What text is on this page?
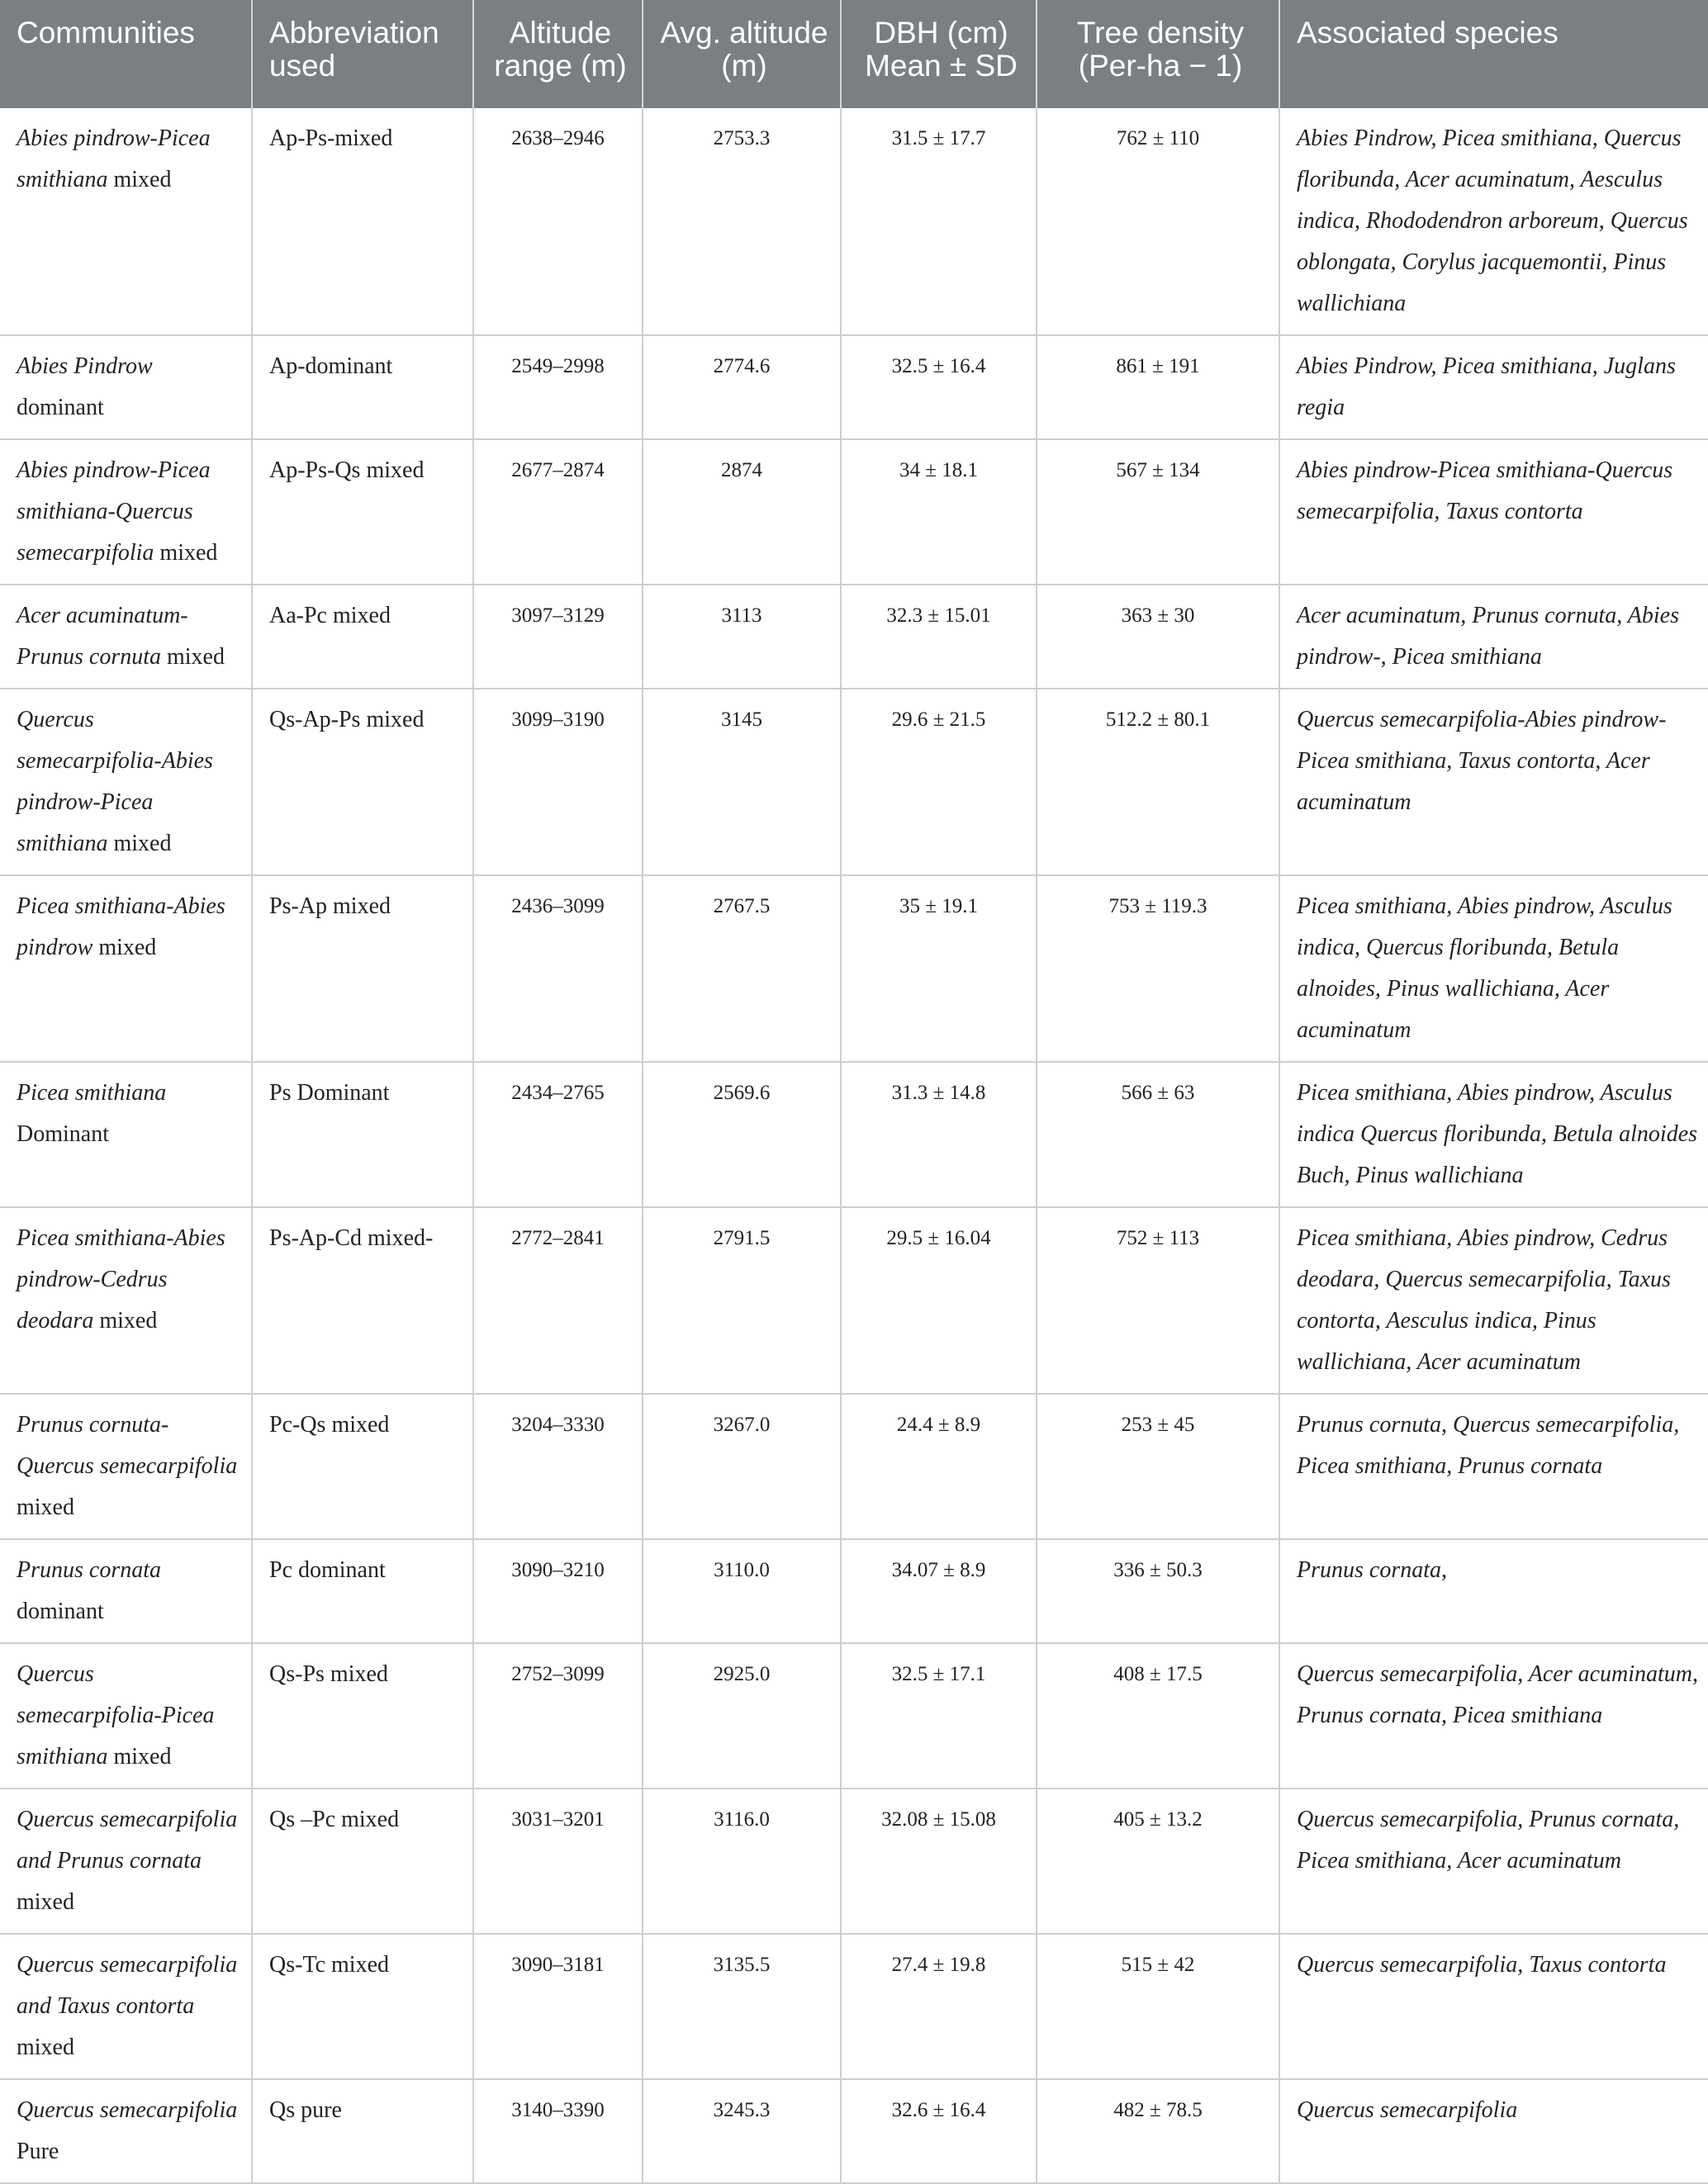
Communities	Abbreviation used	Altitude range (m)	Avg. altitude (m)	DBH (cm) Mean ± SD	Tree density (Per-ha − 1)	Associated species
Abies pindrow-Picea smithiana mixed	Ap-Ps-mixed	2638–2946	2753.3	31.5 ± 17.7	762 ± 110	Abies Pindrow, Picea smithiana, Quercus floribunda, Acer acuminatum, Aesculus indica, Rhododendron arboreum, Quercus oblongata, Corylus jacquemontii, Pinus wallichiana
Abies Pindrow dominant	Ap-dominant	2549–2998	2774.6	32.5 ± 16.4	861 ± 191	Abies Pindrow, Picea smithiana, Juglans regia
Abies pindrow-Picea smithiana-Quercus semecarpifolia mixed	Ap-Ps-Qs mixed	2677–2874	2874	34 ± 18.1	567 ± 134	Abies pindrow-Picea smithiana-Quercus semecarpifolia, Taxus contorta
Acer acuminatum-Prunus cornuta mixed	Aa-Pc mixed	3097–3129	3113	32.3 ± 15.01	363 ± 30	Acer acuminatum, Prunus cornuta, Abies pindrow-, Picea smithiana
Quercus semecarpifolia-Abies pindrow-Picea smithiana mixed	Qs-Ap-Ps mixed	3099–3190	3145	29.6 ± 21.5	512.2 ± 80.1	Quercus semecarpifolia-Abies pindrow-Picea smithiana, Taxus contorta, Acer acuminatum
Picea smithiana-Abies pindrow mixed	Ps-Ap mixed	2436–3099	2767.5	35 ± 19.1	753 ± 119.3	Picea smithiana, Abies pindrow, Asculus indica, Quercus floribunda, Betula alnoides, Pinus wallichiana, Acer acuminatum
Picea smithiana Dominant	Ps Dominant	2434–2765	2569.6	31.3 ± 14.8	566 ± 63	Picea smithiana, Abies pindrow, Asculus indica Quercus floribunda, Betula alnoides Buch, Pinus wallichiana
Picea smithiana-Abies pindrow-Cedrus deodara mixed	Ps-Ap-Cd mixed-	2772–2841	2791.5	29.5 ± 16.04	752 ± 113	Picea smithiana, Abies pindrow, Cedrus deodara, Quercus semecarpifolia, Taxus contorta, Aesculus indica, Pinus wallichiana, Acer acuminatum
Prunus cornuta-Quercus semecarpifolia mixed	Pc-Qs mixed	3204–3330	3267.0	24.4 ± 8.9	253 ± 45	Prunus cornuta, Quercus semecarpifolia, Picea smithiana, Prunus cornata
Prunus cornata dominant	Pc dominant	3090–3210	3110.0	34.07 ± 8.9	336 ± 50.3	Prunus cornata,
Quercus semecarpifolia-Picea smithiana mixed	Qs-Ps mixed	2752–3099	2925.0	32.5 ± 17.1	408 ± 17.5	Quercus semecarpifolia, Acer acuminatum, Prunus cornata, Picea smithiana
Quercus semecarpifolia and Prunus cornata mixed	Qs –Pc mixed	3031–3201	3116.0	32.08 ± 15.08	405 ± 13.2	Quercus semecarpifolia, Prunus cornata, Picea smithiana, Acer acuminatum
Quercus semecarpifolia and Taxus contorta mixed	Qs-Tc mixed	3090–3181	3135.5	27.4 ± 19.8	515 ± 42	Quercus semecarpifolia, Taxus contorta
Quercus semecarpifolia Pure	Qs pure	3140–3390	3245.3	32.6 ± 16.4	482 ± 78.5	Quercus semecarpifolia
